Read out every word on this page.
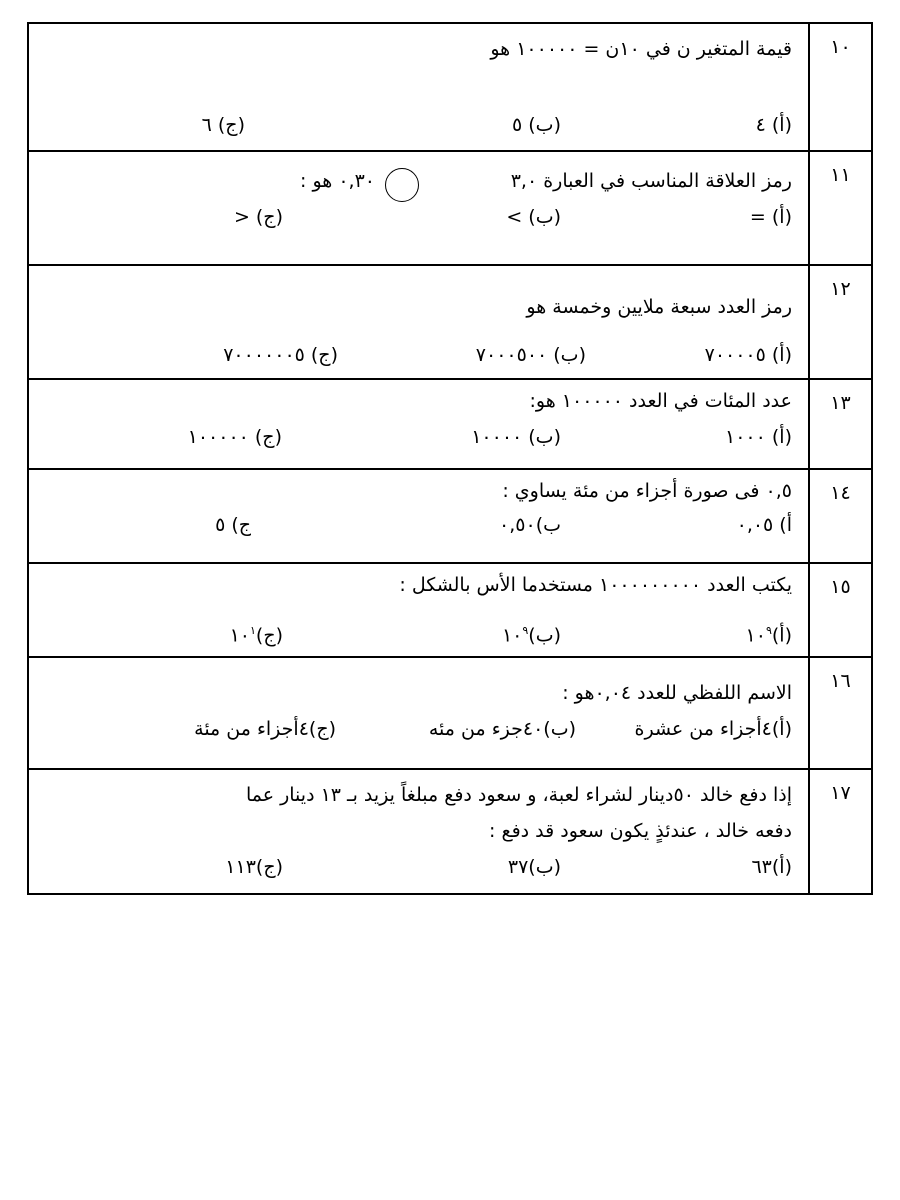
١٠
قيمة المتغير ن في ١٠ن = ١٠٠٠٠٠ هو
(أ) ٤
(ب) ٥
(ج) ٦
١١
رمز العلاقة المناسب في العبارة ٣,٠
٠,٣٠ هو :
(أ) =
(ب) >
(ج) <
١٢
رمز العدد سبعة ملايين وخمسة هو
(أ) ٧٠٠٠٠٥
(ب) ٧٠٠٠٥٠٠
(ج) ٧٠٠٠٠٠٠٥
١٣
عدد المئات في العدد ١٠٠٠٠٠ هو:
(أ) ١٠٠٠
(ب) ١٠٠٠٠
(ج) ١٠٠٠٠٠
١٤
٠,٥ فى صورة أجزاء من مئة يساوي :
أ) ٠,٠٥
ب)٠,٥٠
ج) ٥
١٥
يكتب العدد ١٠٠٠٠٠٠٠٠٠ مستخدما الأس بالشكل :
$(أ)١٠^٩$
$(ب)١٠^٩$
$(ج)١٠^١$
١٦
الاسم اللفظي للعدد ٠,٠٤هو :
(أ)٤أجزاء من عشرة
(ب)٤٠جزء من مئه
(ج)٤أجزاء من مئة
١٧
إذا دفع خالد ٥٠دينار لشراء لعبة، و سعود دفع مبلغاً يزيد بـ ١٣ دينار عما
دفعه خالد ، عندئذٍ يكون سعود قد دفع :
(أ)٦٣
(ب)٣٧
(ج)١١٣
